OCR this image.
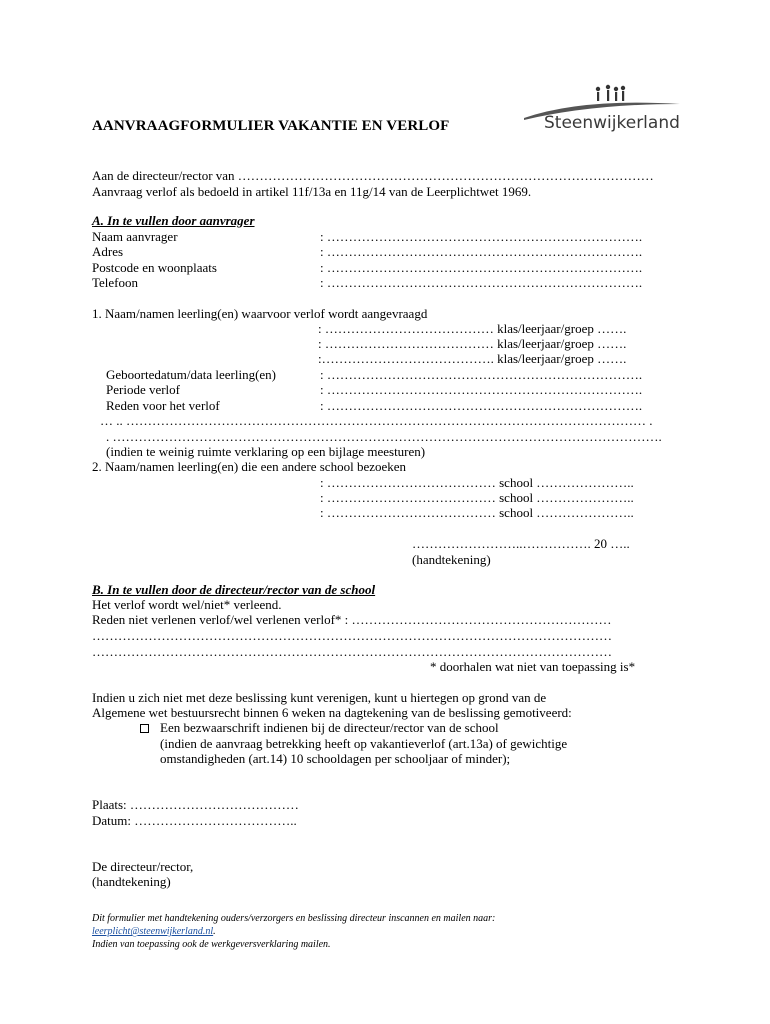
Steenwijkerland
AANVRAAGFORMULIER VAKANTIE EN VERLOF
Aan de directeur/rector van ……………………………………………………………………………………
Aanvraag verlof als bedoeld in artikel 11f/13a en 11g/14 van de Leerplichtwet 1969.
A. In te vullen door aanvrager
Naam aanvrager	: ……………………………………………………………….
Adres	: ……………………………………………………………….
Postcode en woonplaats	: ……………………………………………………………….
Telefoon	: ……………………………………………………………….
1. Naam/namen leerling(en) waarvoor verlof wordt aangevraagd
: ………………………………… klas/leerjaar/groep …….
: ………………………………… klas/leerjaar/groep …….
:…………………………………. klas/leerjaar/groep …….
Geboortedatum/data leerling(en)	: ……………………………………………………………….
Periode verlof	: ……………………………………………………………….
Reden voor het verlof	: ……………………………………………………………….
… .. ………………………………………………………………………………………………………… .
. ……………………………………………………………………………………………………………….
(indien te weinig ruimte verklaring op een bijlage meesturen)
2. Naam/namen leerling(en) die een andere school bezoeken
: ………………………………… school …………………..
: ………………………………… school …………………..
: ………………………………… school …………………..
……………………..……………. 20 …..
(handtekening)
B. In te vullen door de directeur/rector van de school
Het verlof wordt wel/niet* verleend.
Reden niet verlenen verlof/wel verlenen verlof* : ……………………………………………………
…………………………………………………………………………………………………………
…………………………………………………………………………………………………………
* doorhalen wat niet van toepassing is*
Indien u zich niet met deze beslissing kunt verenigen, kunt u hiertegen op grond van de
Algemene wet bestuursrecht binnen 6 weken na dagtekening van de beslissing gemotiveerd:
Een bezwaarschrift indienen bij de directeur/rector van de school
(indien de aanvraag betrekking heeft op vakantieverlof (art.13a) of gewichtige
omstandigheden (art.14) 10 schooldagen per schooljaar of minder);
Plaats: …………………………………
Datum: ………………………………..
De directeur/rector,
(handtekening)
Dit formulier met handtekening ouders/verzorgers en beslissing directeur inscannen en mailen naar:
leerplicht@steenwijkerland.nl.
Indien van toepassing ook de werkgeversverklaring mailen.
